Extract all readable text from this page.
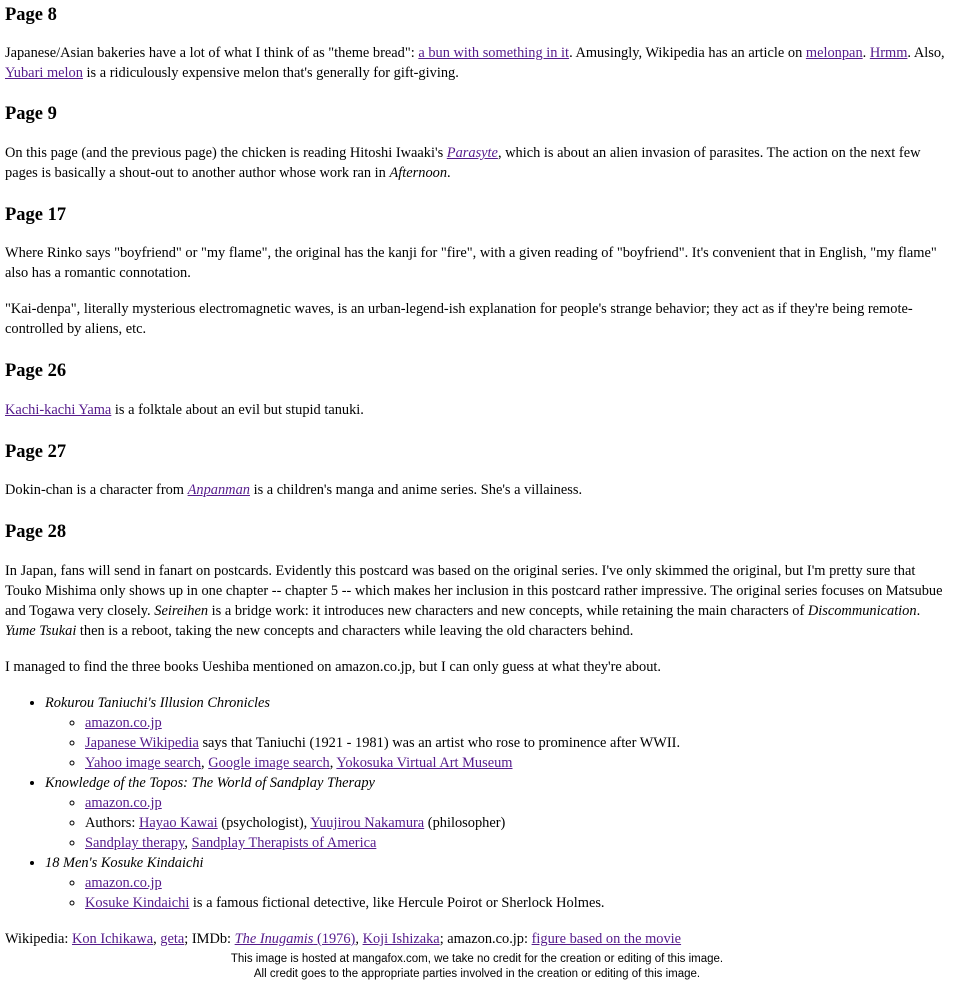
Page 8

Japanese/Asian bakeries have a lot of what I think of as "theme bread": a bun with something in it. Amusingly, Wikipedia has an article on melonpan. Hrmm. Also, Yubari melon is a ridiculously expensive melon that's generally for gift-giving.

Page 9

On this page (and the previous page) the chicken is reading Hitoshi Iwaaki's Parasyte, which is about an alien invasion of parasites. The action on the next few pages is basically a shout-out to another author whose work ran in Afternoon.

Page 17

Where Rinko says "boyfriend" or "my flame", the original has the kanji for "fire", with a given reading of "boyfriend". It's convenient that in English, "my flame" also has a romantic connotation.

"Kai-denpa", literally mysterious electromagnetic waves, is an urban-legend-ish explanation for people's strange behavior; they act as if they're being remote-controlled by aliens, etc.

Page 26

Kachi-kachi Yama is a folktale about an evil but stupid tanuki.

Page 27

Dokin-chan is a character from Anpanman is a children's manga and anime series. She's a villainess.

Page 28

In Japan, fans will send in fanart on postcards. Evidently this postcard was based on the original series. I've only skimmed the original, but I'm pretty sure that Touko Mishima only shows up in one chapter -- chapter 5 -- which makes her inclusion in this postcard rather impressive. The original series focuses on Matsubue and Togawa very closely. Seireihen is a bridge work: it introduces new characters and new concepts, while retaining the main characters of Discommunication. Yume Tsukai then is a reboot, taking the new concepts and characters while leaving the old characters behind.

I managed to find the three books Ueshiba mentioned on amazon.co.jp, but I can only guess at what they're about.

• Rokurou Taniuchi's Illusion Chronicles
◦ amazon.co.jp
◦ Japanese Wikipedia says that Taniuchi (1921 - 1981) was an artist who rose to prominence after WWII.
◦ Yahoo image search, Google image search, Yokosuka Virtual Art Museum
• Knowledge of the Topos: The World of Sandplay Therapy
◦ amazon.co.jp
◦ Authors: Hayao Kawai (psychologist), Yuujirou Nakamura (philosopher)
◦ Sandplay therapy, Sandplay Therapists of America
• 18 Men's Kosuke Kindaichi
◦ amazon.co.jp
◦ Kosuke Kindaichi is a famous fictional detective, like Hercule Poirot or Sherlock Holmes.

Wikipedia: Kon Ichikawa, geta; IMDb: The Inugamis (1976), Koji Ishizaka; amazon.co.jp: figure based on the movie

This image is hosted at mangafox.com, we take no credit for the creation or editing of this image.
All credit goes to the appropriate parties involved in the creation or editing of this image.
